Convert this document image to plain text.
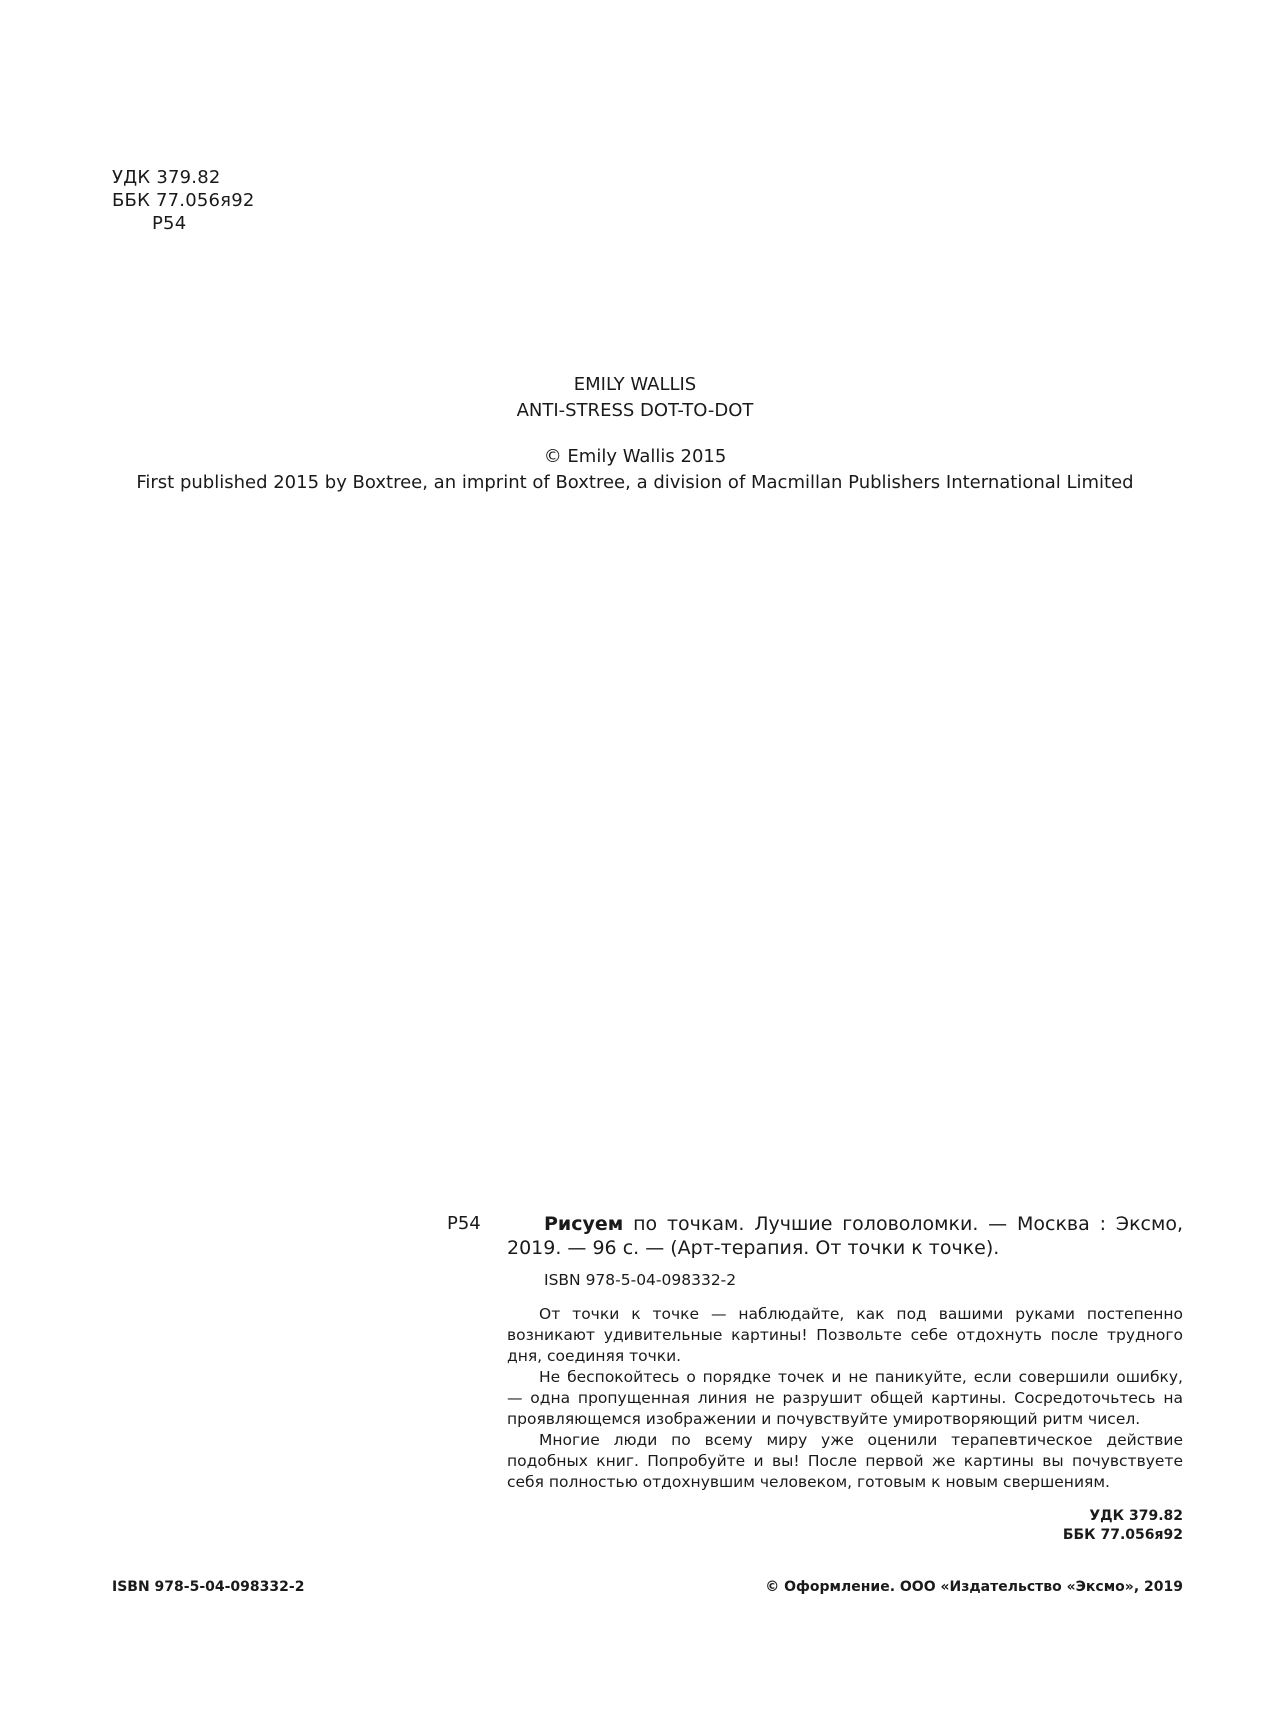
УДК 379.82
ББК 77.056я92
Р54
EMILY WALLIS
ANTI-STRESS DOT-TO-DOT
© Emily Wallis 2015
First published 2015 by Boxtree, an imprint of Boxtree, a division of Macmillan Publishers International Limited
Р54	Рисуем по точкам. Лучшие головоломки. — Москва : Эксмо, 2019. — 96 с. — (Арт-терапия. От точки к точке).
ISBN 978-5-04-098332-2

От точки к точке — наблюдайте, как под вашими руками постепенно возникают удивительные картины! Позвольте себе отдохнуть после трудного дня, соединяя точки.

Не беспокойтесь о порядке точек и не паникуйте, если совершили ошибку, — одна пропущенная линия не разрушит общей картины. Сосредоточьтесь на проявляющемся изображении и почувствуйте умиротворяющий ритм чисел.

Многие люди по всему миру уже оценили терапевтическое действие подобных книг. Попробуйте и вы! После первой же картины вы почувствуете себя полностью отдохнувшим человеком, готовым к новым свершениям.

УДК 379.82
ББК 77.056я92
ISBN 978-5-04-098332-2	© Оформление. ООО «Издательство «Эксмо», 2019
